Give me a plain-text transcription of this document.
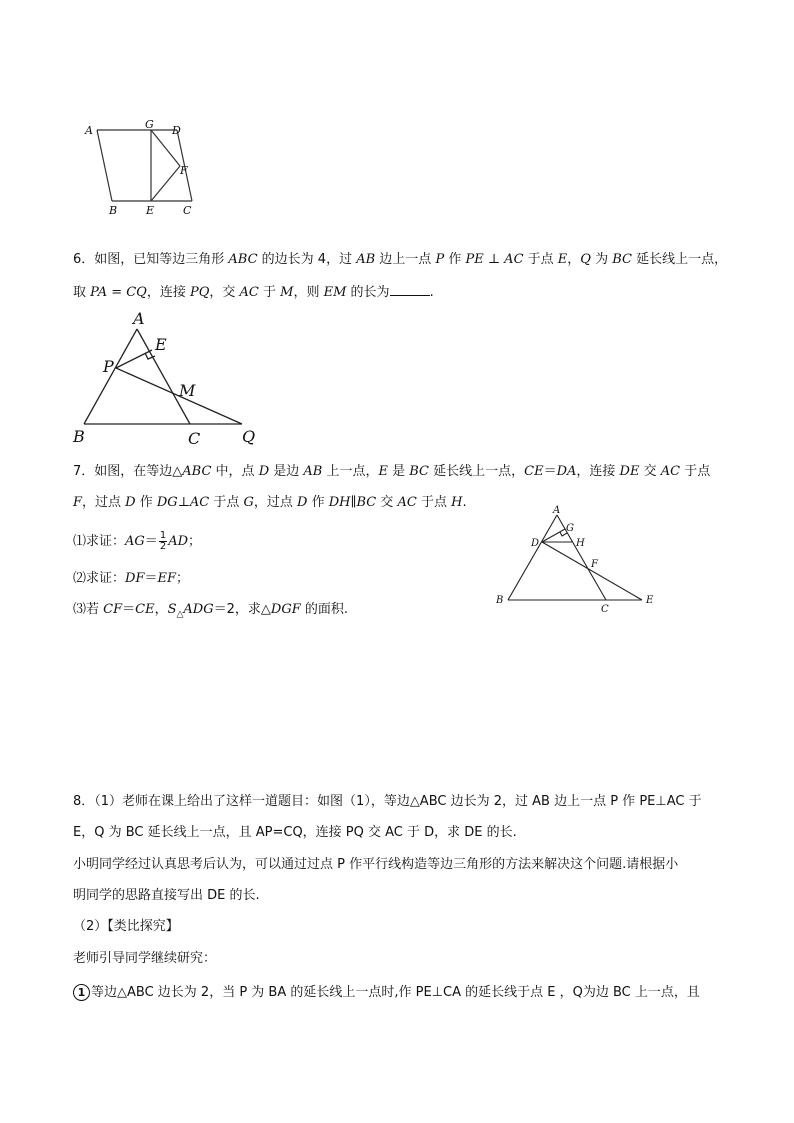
A	G D
F
B	E	C
6．如图，已知等边三角形 ABC 的边长为 4，过 AB 边上一点 P 作 PE ⊥ AC 于点 E，Q 为 BC 延长线上一点，
取 PA = CQ，连接 PQ，交 AC 于 M，则 EM 的长为	.
A
E
P
M
B	C	Q
7．如图，在等边△ABC 中，点 D 是边 AB 上一点，E 是 BC 延长线上一点，CE＝DA，连接 DE 交 AC 于点
F，过点 D 作 DG⊥AC 于点 G，过点 D 作 DH∥BC 交 AC 于点 H.
⑴求证：$AG= \frac{1}{2}$ AD；
⑵求证：DF＝EF；
⑶若 CF＝CE，$S_\triangle ADG=2$，求△DGF 的面积.
A
G
D	H
F
B
C
E
8．（1）老师在课上给出了这样一道题目：如图（1），等边△ABC 边长为 2，过 AB 边上一点 P 作 PE⊥AC 于
E，Q 为 BC 延长线上一点，且 AP=CQ，连接 PQ 交 AC 于 D，求 DE 的长.
小明同学经过认真思考后认为，可以通过过点 P 作平行线构造等边三角形的方法来解决这个问题.请根据小
明同学的思路直接写出 DE 的长.
（2）【类比探究】
老师引导同学继续研究：
1 等边△ABC 边长为 2，当 P 为 BA 的延长线上一点时,作 PE⊥CA 的延长线于点 E ，Q为边 BC 上一点，且
